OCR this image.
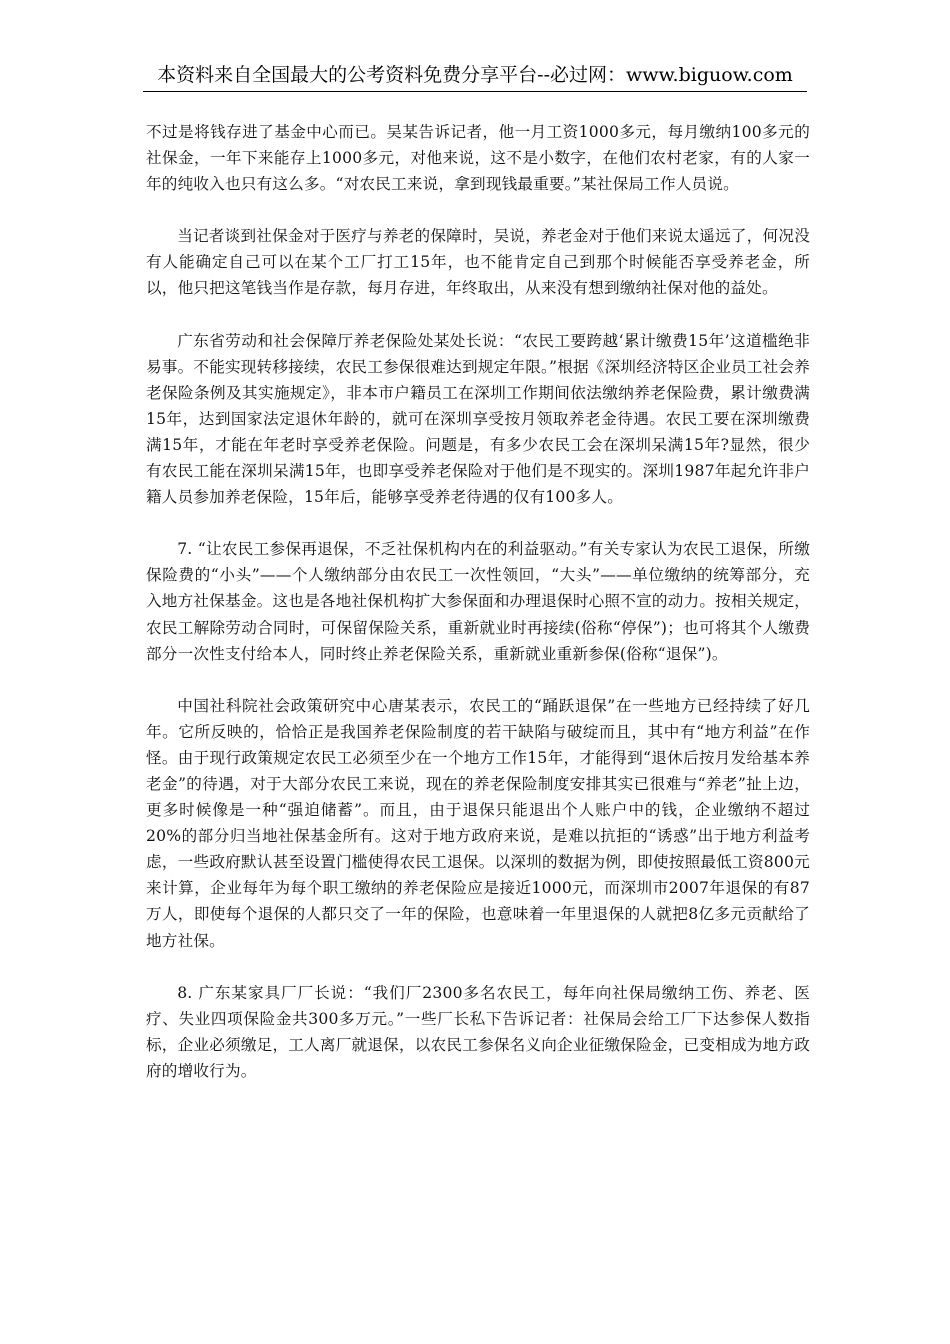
本资料来自全国最大的公考资料免费分享平台--必过网：www.biguow.com

不过是将钱存进了基金中心而已。吴某告诉记者，他一月工资1000多元，每月缴纳100多元的社保金，一年下来能存上1000多元，对他来说，这不是小数字，在他们农村老家，有的人家一年的纯收入也只有这么多。“对农民工来说，拿到现钱最重要。”某社保局工作人员说。

当记者谈到社保金对于医疗与养老的保障时，吴说，养老金对于他们来说太遥远了，何况没有人能确定自己可以在某个工厂打工15年，也不能肯定自己到那个时候能否享受养老金，所以，他只把这笔钱当作是存款，每月存进，年终取出，从来没有想到缴纳社保对他的益处。

广东省劳动和社会保障厅养老保险处某处长说：“农民工要跨越‘累计缴费15年’这道槛绝非易事。不能实现转移接续，农民工参保很难达到规定年限。”根据《深圳经济特区企业员工社会养老保险条例及其实施规定》，非本市户籍员工在深圳工作期间依法缴纳养老保险费，累计缴费满15年，达到国家法定退休年龄的，就可在深圳享受按月领取养老金待遇。农民工要在深圳缴费满15年，才能在年老时享受养老保险。问题是，有多少农民工会在深圳呆满15年?显然，很少有农民工能在深圳呆满15年，也即享受养老保险对于他们是不现实的。深圳1987年起允许非户籍人员参加养老保险，15年后，能够享受养老待遇的仅有100多人。

7. “让农民工参保再退保，不乏社保机构内在的利益驱动。”有关专家认为农民工退保，所缴保险费的“小头”——个人缴纳部分由农民工一次性领回，“大头”——单位缴纳的统筹部分，充入地方社保基金。这也是各地社保机构扩大参保面和办理退保时心照不宣的动力。按相关规定，农民工解除劳动合同时，可保留保险关系，重新就业时再接续(俗称“停保”)；也可将其个人缴费部分一次性支付给本人，同时终止养老保险关系，重新就业重新参保(俗称“退保”)。

中国社科院社会政策研究中心唐某表示，农民工的“踊跃退保”在一些地方已经持续了好几年。它所反映的，恰恰正是我国养老保险制度的若干缺陷与破绽而且，其中有“地方利益”在作怪。由于现行政策规定农民工必须至少在一个地方工作15年，才能得到“退休后按月发给基本养老金”的待遇，对于大部分农民工来说，现在的养老保险制度安排其实已很难与“养老”扯上边，更多时候像是一种“强迫储蓄”。而且，由于退保只能退出个人账户中的钱，企业缴纳不超过20%的部分归当地社保基金所有。这对于地方政府来说，是难以抗拒的“诱惑”出于地方利益考虑，一些政府默认甚至设置门槛使得农民工退保。以深圳的数据为例，即使按照最低工资800元来计算，企业每年为每个职工缴纳的养老保险应是接近1000元，而深圳市2007年退保的有87万人，即使每个退保的人都只交了一年的保险，也意味着一年里退保的人就把8亿多元贡献给了地方社保。

8. 广东某家具厂厂长说：“我们厂2300多名农民工，每年向社保局缴纳工伤、养老、医疗、失业四项保险金共300多万元。”一些厂长私下告诉记者：社保局会给工厂下达参保人数指标，企业必须缴足，工人离厂就退保，以农民工参保名义向企业征缴保险金，已变相成为地方政府的增收行为。
